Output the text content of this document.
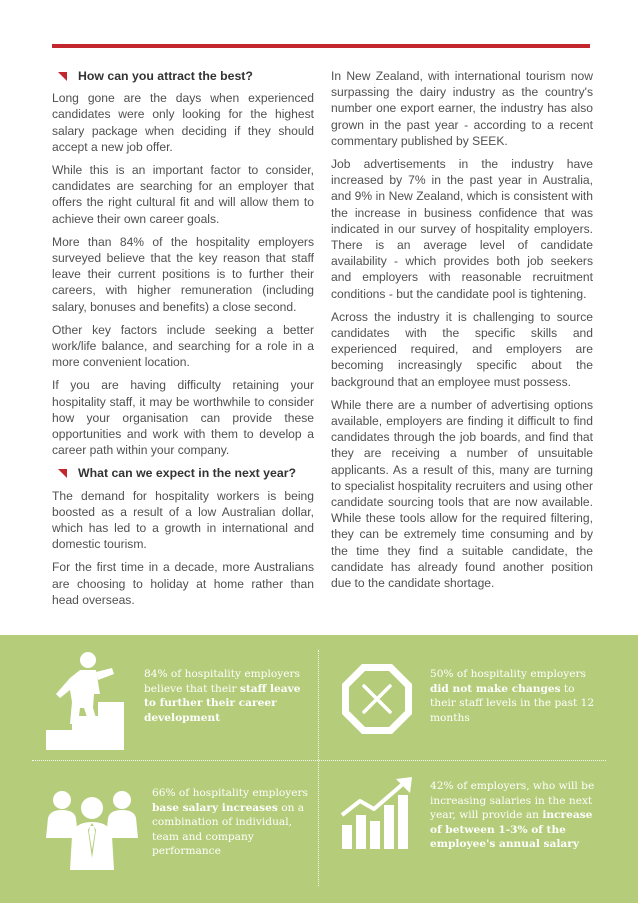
How can you attract the best?

Long gone are the days when experienced candidates were only looking for the highest salary package when deciding if they should accept a new job offer.

While this is an important factor to consider, candidates are searching for an employer that offers the right cultural fit and will allow them to achieve their own career goals.

More than 84% of the hospitality employers surveyed believe that the key reason that staff leave their current positions is to further their careers, with higher remuneration (including salary, bonuses and benefits) a close second.

Other key factors include seeking a better work/life balance, and searching for a role in a more convenient location.

If you are having difficulty retaining your hospitality staff, it may be worthwhile to consider how your organisation can provide these opportunities and work with them to develop a career path within your company.

What can we expect in the next year?

The demand for hospitality workers is being boosted as a result of a low Australian dollar, which has led to a growth in international and domestic tourism.

For the first time in a decade, more Australians are choosing to holiday at home rather than head overseas.

In New Zealand, with international tourism now surpassing the dairy industry as the country's number one export earner, the industry has also grown in the past year - according to a recent commentary published by SEEK.

Job advertisements in the industry have increased by 7% in the past year in Australia, and 9% in New Zealand, which is consistent with the increase in business confidence that was indicated in our survey of hospitality employers. There is an average level of candidate availability - which provides both job seekers and employers with reasonable recruitment conditions - but the candidate pool is tightening.

Across the industry it is challenging to source candidates with the specific skills and experienced required, and employers are becoming increasingly specific about the background that an employee must possess.

While there are a number of advertising options available, employers are finding it difficult to find candidates through the job boards, and find that they are receiving a number of unsuitable applicants. As a result of this, many are turning to specialist hospitality recruiters and using other candidate sourcing tools that are now available. While these tools allow for the required filtering, they can be extremely time consuming and by the time they find a suitable candidate, the candidate has already found another position due to the candidate shortage.

84% of hospitality employers believe that their staff leave to further their career development
50% of hospitality employers did not make changes to their staff levels in the past 12 months
66% of hospitality employers base salary increases on a combination of individual, team and company performance
42% of employers, who will be increasing salaries in the next year, will provide an increase of between 1-3% of the employee's annual salary
